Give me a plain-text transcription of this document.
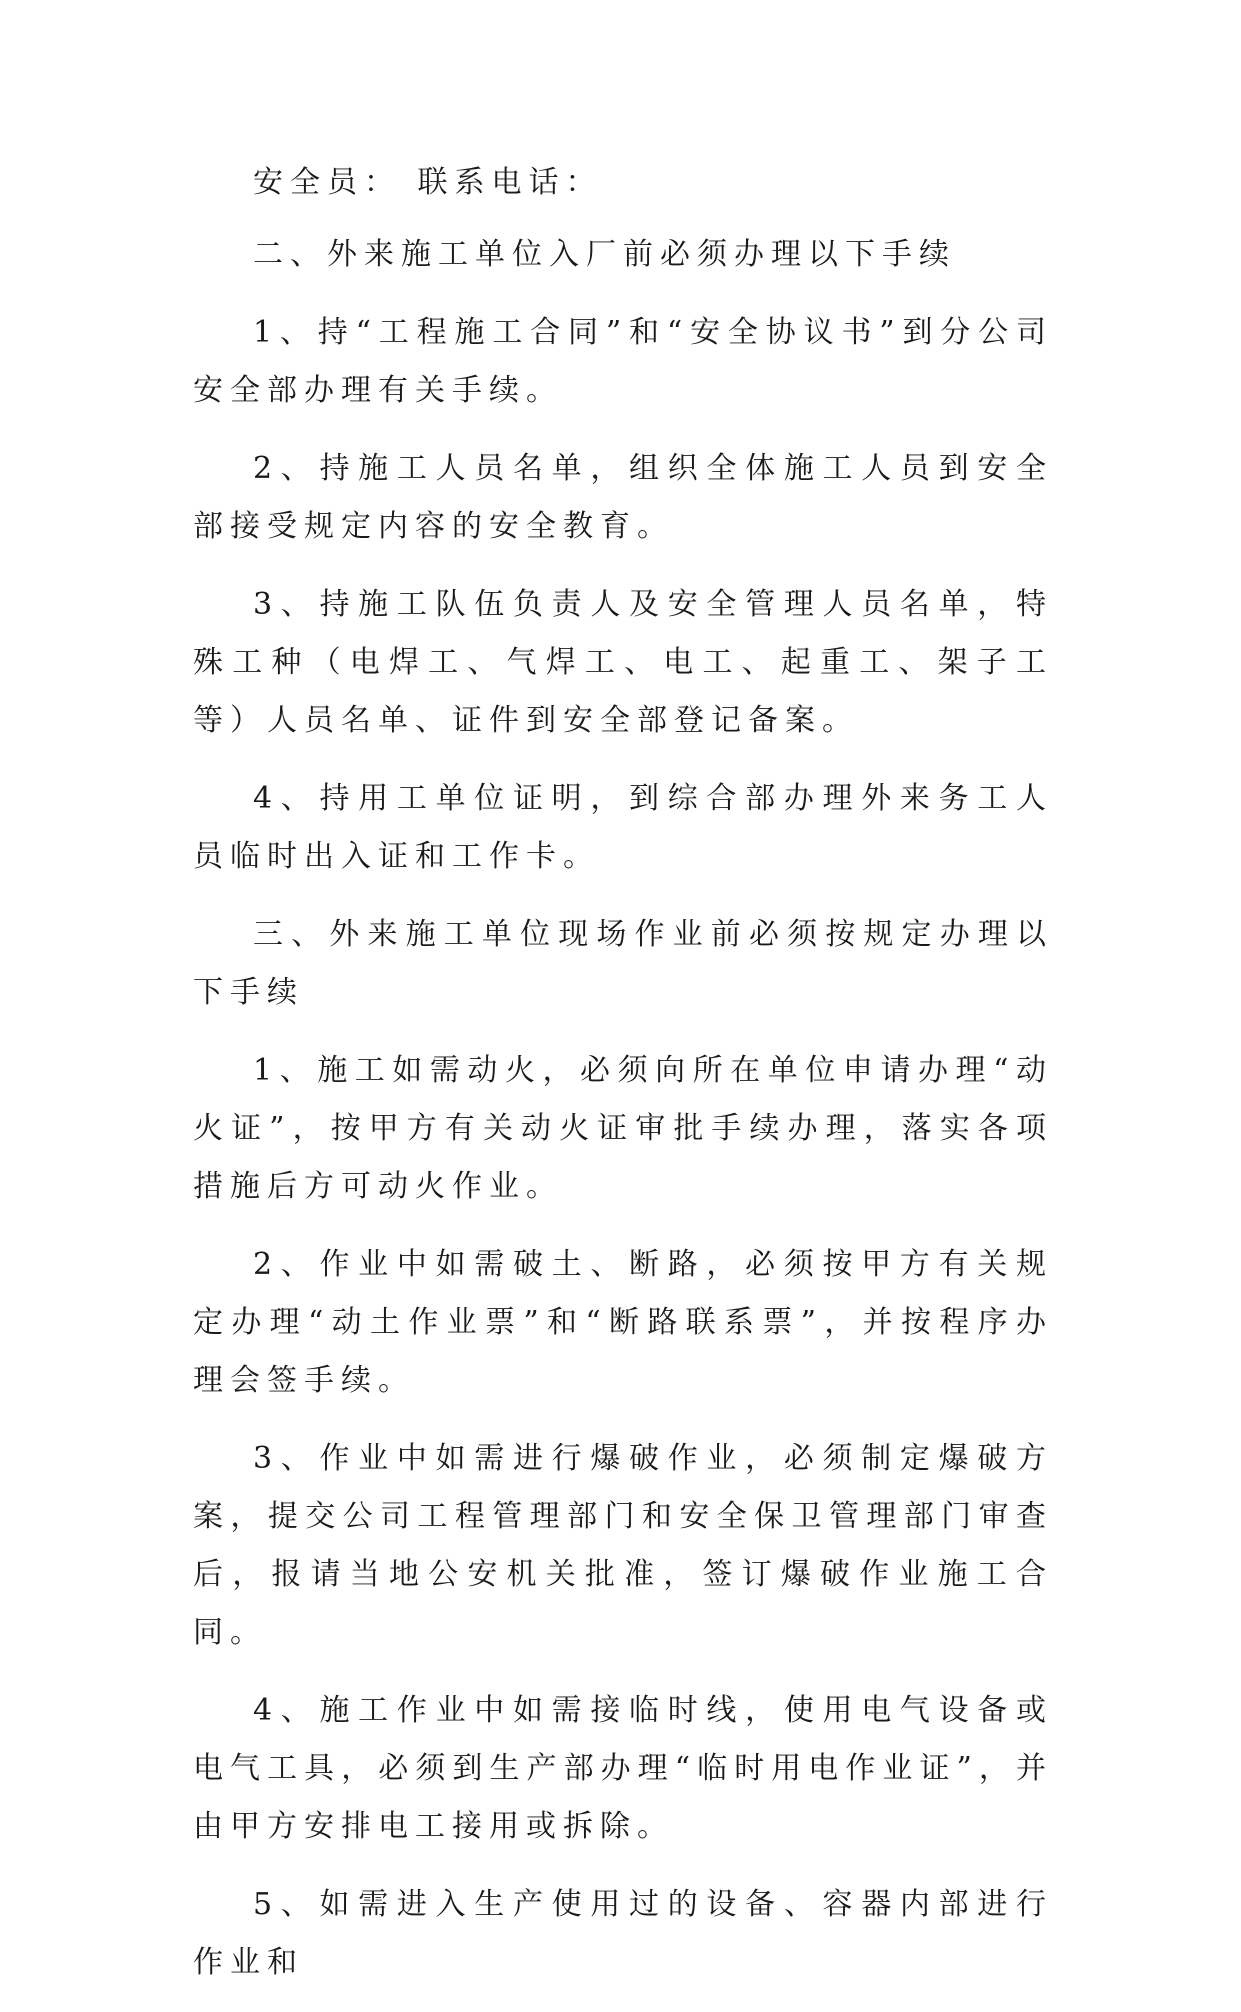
安全员： 联系电话：

二、外来施工单位入厂前必须办理以下手续

1、持“工程施工合同”和“安全协议书”到分公司安全部办理有关手续。

2、持施工人员名单，组织全体施工人员到安全部接受规定内容的安全教育。

3、持施工队伍负责人及安全管理人员名单，特殊工种（电焊工、气焊工、电工、起重工、架子工等）人员名单、证件到安全部登记备案。

4、持用工单位证明，到综合部办理外来务工人员临时出入证和工作卡。

三、外来施工单位现场作业前必须按规定办理以下手续

1、施工如需动火，必须向所在单位申请办理“动火证”，按甲方有关动火证审批手续办理，落实各项措施后方可动火作业。

2、作业中如需破土、断路，必须按甲方有关规定办理“动土作业票”和“断路联系票”，并按程序办理会签手续。

3、作业中如需进行爆破作业，必须制定爆破方案，提交公司工程管理部门和安全保卫管理部门审查后，报请当地公安机关批准，签订爆破作业施工合同。

4、施工作业中如需接临时线，使用电气设备或电气工具，必须到生产部办理“临时用电作业证”，并由甲方安排电工接用或拆除。

5、如需进入生产使用过的设备、容器内部进行作业和
